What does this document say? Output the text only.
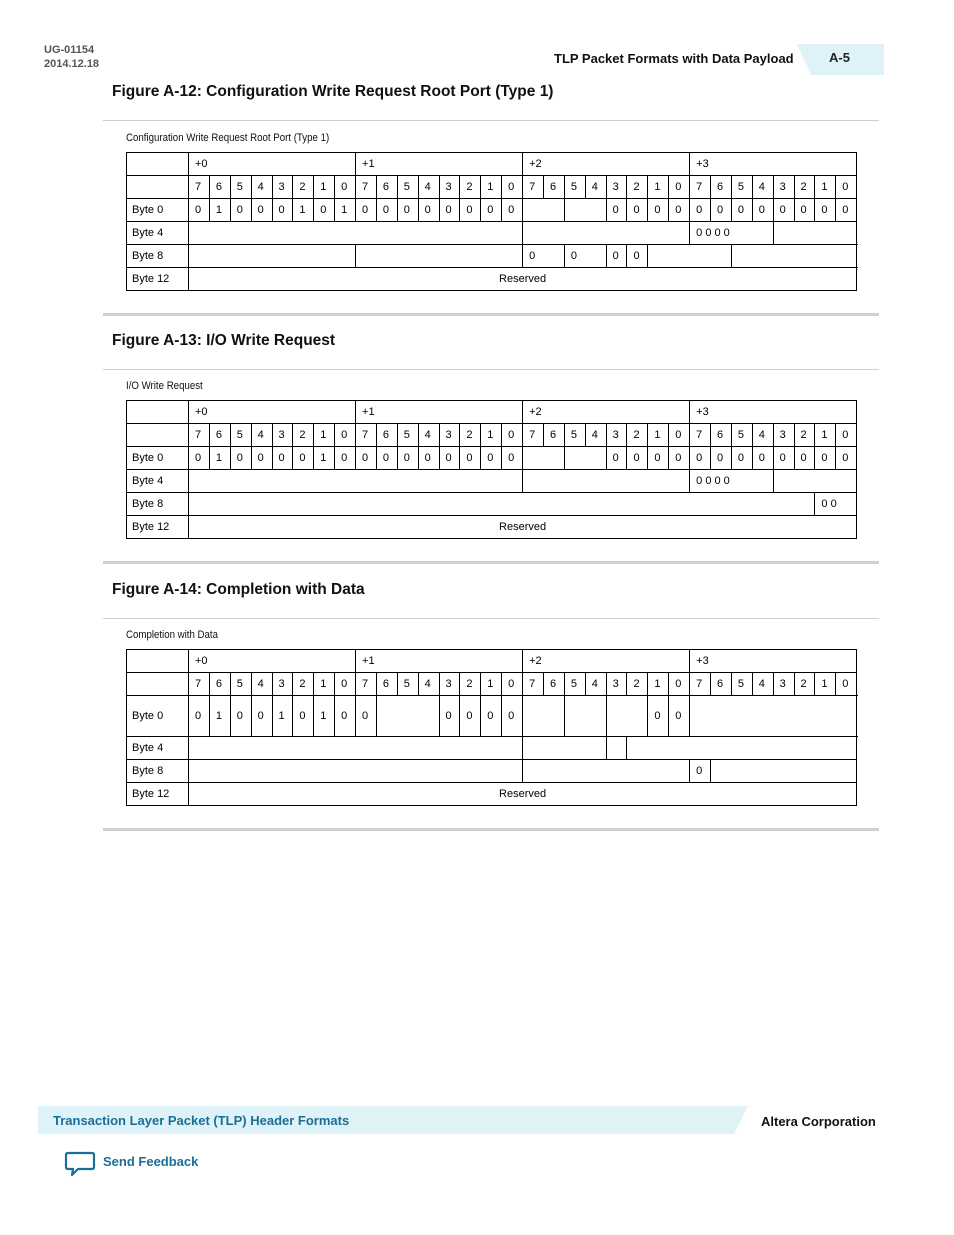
UG-01154
2014.12.18	TLP Packet Formats with Data Payload	A-5
Figure A-12: Configuration Write Request Root Port (Type 1)
Configuration Write Request Root Port (Type 1)
	+0								+1								+2								+3								
	7	6	5	4	3	2	1	0	7	6	5	4	3	2	1	0	7	6	5	4	3	2	1	0	7	6	5	4	3	2	1	0	
Byte 0	0	1	0	0	0	1	0	1	0	0	0	0	0	0	0	0					0	0	0	0	0	0	0	0	0	0	0	0		
Byte 4																									0 0 0 0								
Byte 8																	0		0		0	0			
Byte 12	Reserved																																
Figure A-13: I/O Write Request
I/O Write Request
	+0								+1								+2								+3								
	7	6	5	4	3	2	1	0	7	6	5	4	3	2	1	0	7	6	5	4	3	2	1	0	7	6	5	4	3	2	1	0	
Byte 0	0	1	0	0	0	0	1	0	0	0	0	0	0	0	0	0					0	0	0	0	0	0	0	0	0	0	0	0		
Byte 4																									0 0 0 0								
Byte 8																															0 0		
Byte 12	Reserved																																
Figure A-14: Completion with Data
Completion with Data
	+0								+1								+2								+3							
	7	6	5	4	3	2	1	0	7	6	5	4	3	2	1	0	7	6	5	4	3	2	1	0	7	6	5	4	3	2	1	0
Byte 0	0	1	0	0	1	0	1	0	0				0	0	0	0							0	0								
Byte 4																																
Byte 8																									0							
Byte 12	Reserved																															
Transaction Layer Packet (TLP) Header Formats	Altera Corporation
Send Feedback
